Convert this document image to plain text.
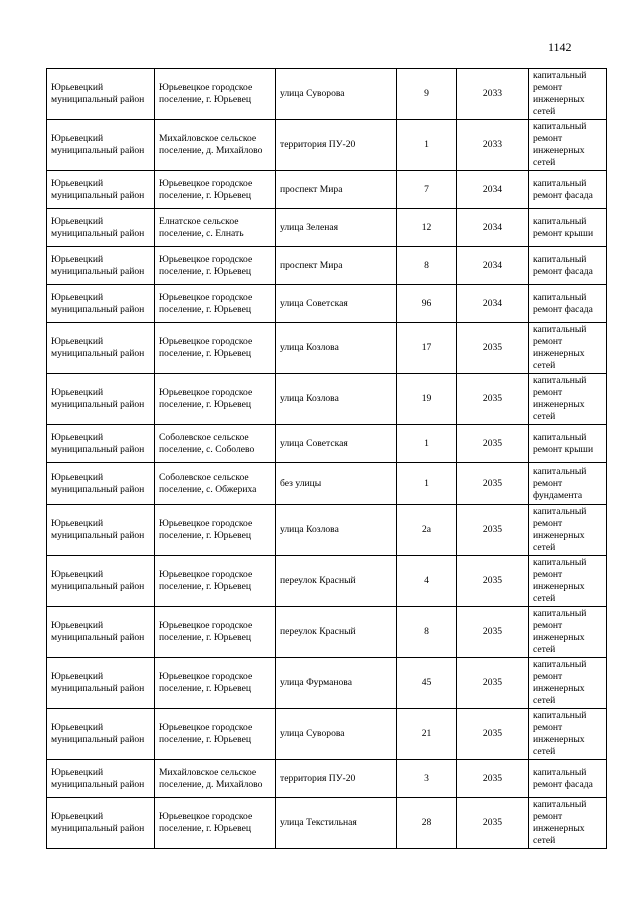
1142
Юрьевецкий муниципальный район	Юрьевецкое городское поселение, г. Юрьевец	улица Суворова	9	2033	капитальный ремонт инженерных сетей
Юрьевецкий муниципальный район	Михайловское сельское поселение, д. Михайлово	территория ПУ-20	1	2033	капитальный ремонт инженерных сетей
Юрьевецкий муниципальный район	Юрьевецкое городское поселение, г. Юрьевец	проспект Мира	7	2034	капитальный ремонт фасада
Юрьевецкий муниципальный район	Елнатское сельское поселение, с. Елнать	улица Зеленая	12	2034	капитальный ремонт крыши
Юрьевецкий муниципальный район	Юрьевецкое городское поселение, г. Юрьевец	проспект Мира	8	2034	капитальный ремонт фасада
Юрьевецкий муниципальный район	Юрьевецкое городское поселение, г. Юрьевец	улица Советская	96	2034	капитальный ремонт фасада
Юрьевецкий муниципальный район	Юрьевецкое городское поселение, г. Юрьевец	улица Козлова	17	2035	капитальный ремонт инженерных сетей
Юрьевецкий муниципальный район	Юрьевецкое городское поселение, г. Юрьевец	улица Козлова	19	2035	капитальный ремонт инженерных сетей
Юрьевецкий муниципальный район	Соболевское сельское поселение, с. Соболево	улица Советская	1	2035	капитальный ремонт крыши
Юрьевецкий муниципальный район	Соболевское сельское поселение, с. Обжериха	без улицы	1	2035	капитальный ремонт фундамента
Юрьевецкий муниципальный район	Юрьевецкое городское поселение, г. Юрьевец	улица Козлова	2а	2035	капитальный ремонт инженерных сетей
Юрьевецкий муниципальный район	Юрьевецкое городское поселение, г. Юрьевец	переулок Красный	4	2035	капитальный ремонт инженерных сетей
Юрьевецкий муниципальный район	Юрьевецкое городское поселение, г. Юрьевец	переулок Красный	8	2035	капитальный ремонт инженерных сетей
Юрьевецкий муниципальный район	Юрьевецкое городское поселение, г. Юрьевец	улица Фурманова	45	2035	капитальный ремонт инженерных сетей
Юрьевецкий муниципальный район	Юрьевецкое городское поселение, г. Юрьевец	улица Суворова	21	2035	капитальный ремонт инженерных сетей
Юрьевецкий муниципальный район	Михайловское сельское поселение, д. Михайлово	территория ПУ-20	3	2035	капитальный ремонт фасада
Юрьевецкий муниципальный район	Юрьевецкое городское поселение, г. Юрьевец	улица Текстильная	28	2035	капитальный ремонт инженерных сетей
